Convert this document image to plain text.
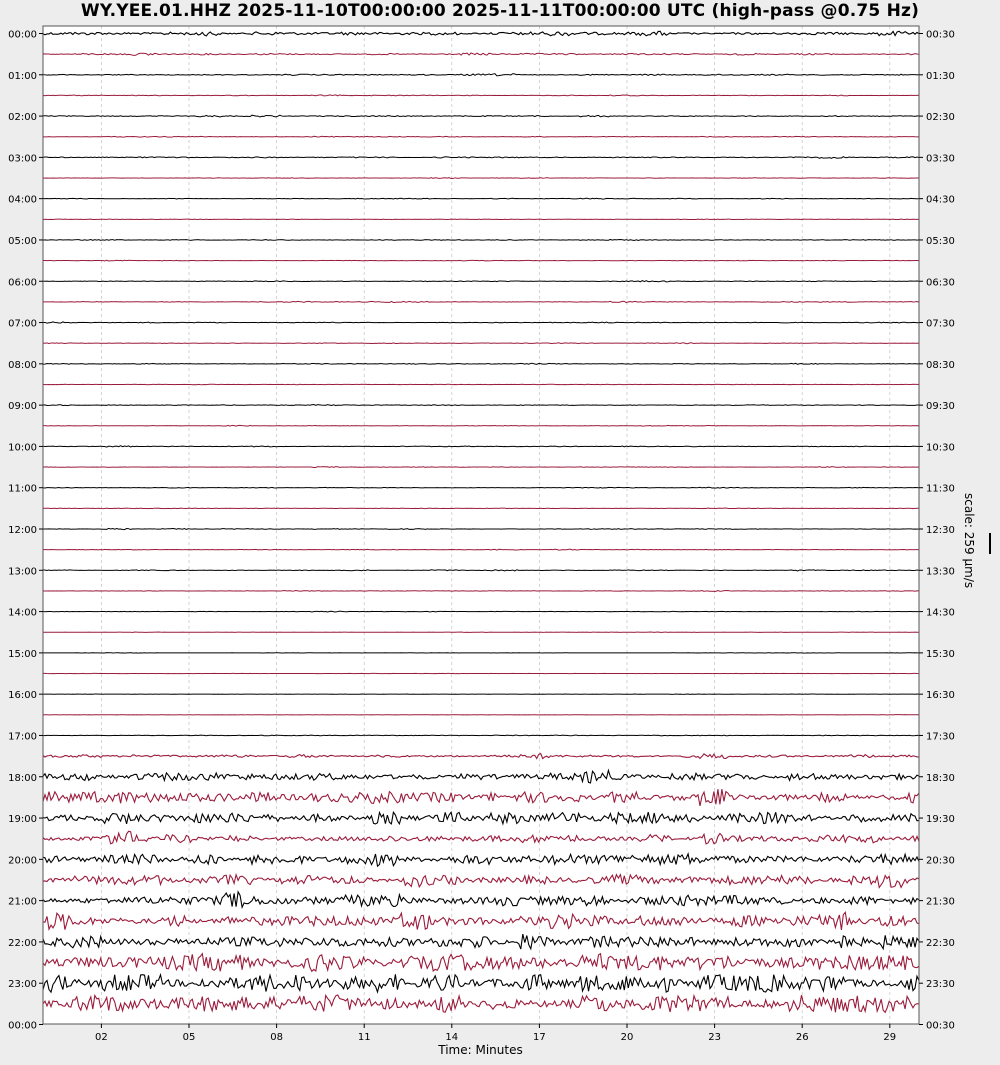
WY.YEE.01.HHZ 2025-11-10T00:00:00 2025-11-11T00:00:00 UTC (high-pass @0.75 Hz)
00:00
01:00
02:00
03:00
04:00
05:00
06:00
07:00
08:00
09:00
10:00
11:00
12:00
13:00
14:00
15:00
16:00
17:00
18:00
19:00
20:00
21:00
22:00
23:00
00:00
00:30
01:30
02:30
03:30
04:30
05:30
06:30
07:30
08:30
09:30
10:30
11:30
12:30
13:30
14:30
15:30
16:30
17:30
18:30
19:30
20:30
21:30
22:30
23:30
00:30
02	05	08	11	14	17	20	23	26	29
scale: 259 µm/s
Time: Minutes
